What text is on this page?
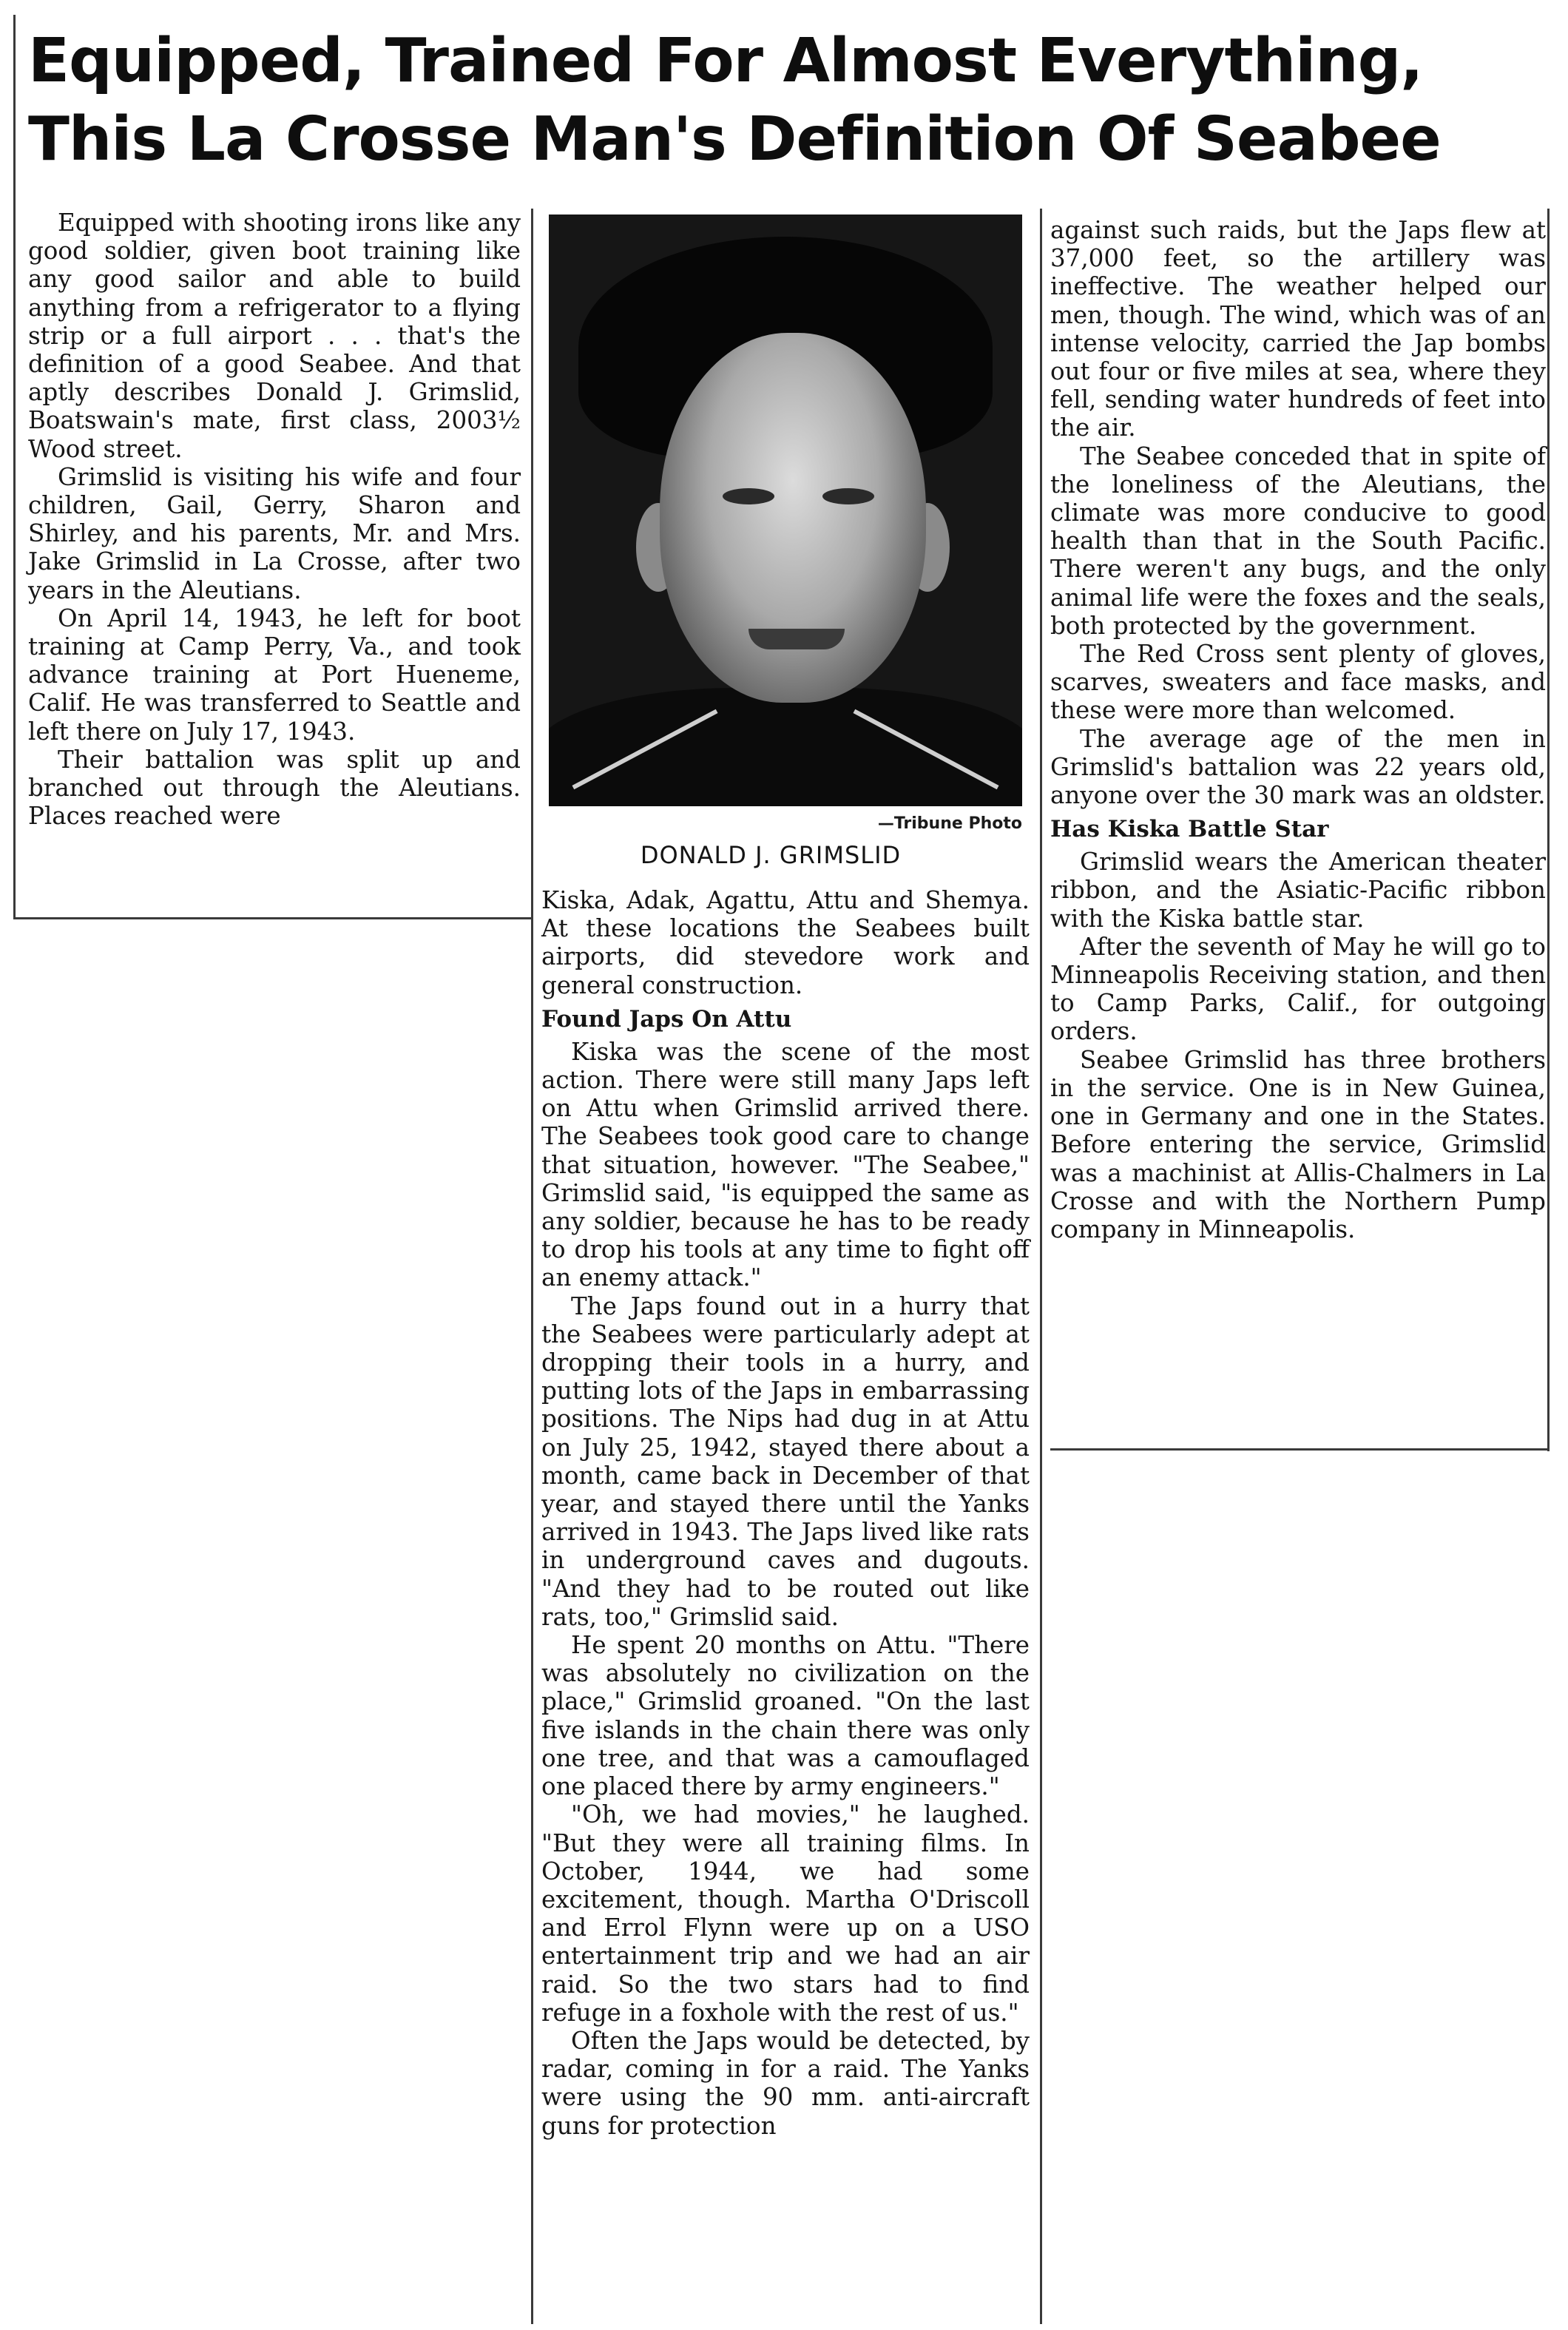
Equipped, Trained For Almost Everything,
This La Crosse Man's Definition Of Seabee

Equipped with shooting irons like any good soldier, given boot training like any good sailor and able to build anything from a refrigerator to a flying strip or a full airport . . . that's the definition of a good Seabee. And that aptly describes Donald J. Grimslid, Boatswain's mate, first class, 2003½ Wood street.

Grimslid is visiting his wife and four children, Gail, Gerry, Sharon and Shirley, and his parents, Mr. and Mrs. Jake Grimslid in La Crosse, after two years in the Aleutians.

On April 14, 1943, he left for boot training at Camp Perry, Va., and took advance training at Port Hueneme, Calif. He was transferred to Seattle and left there on July 17, 1943.

Their battalion was split up and branched out through the Aleutians. Places reached were	—Tribune Photo
DONALD J. GRIMSLID

Kiska, Adak, Agattu, Attu and Shemya. At these locations the Seabees built airports, did stevedore work and general construction.

Found Japs On Attu

Kiska was the scene of the most action. There were still many Japs left on Attu when Grimslid arrived there. The Seabees took good care to change that situation, however. "The Seabee," Grimslid said, "is equipped the same as any soldier, because he has to be ready to drop his tools at any time to fight off an enemy attack."

The Japs found out in a hurry that the Seabees were particularly adept at dropping their tools in a hurry, and putting lots of the Japs in embarrassing positions. The Nips had dug in at Attu on July 25, 1942, stayed there about a month, came back in December of that year, and stayed there until the Yanks arrived in 1943. The Japs lived like rats in underground caves and dugouts. "And they had to be routed out like rats, too," Grimslid said.

He spent 20 months on Attu. "There was absolutely no civilization on the place," Grimslid groaned. "On the last five islands in the chain there was only one tree, and that was a camouflaged one placed there by army engineers."

"Oh, we had movies," he laughed. "But they were all training films. In October, 1944, we had some excitement, though. Martha O'Driscoll and Errol Flynn were up on a USO entertainment trip and we had an air raid. So the two stars had to find refuge in a foxhole with the rest of us."

Often the Japs would be detected, by radar, coming in for a raid. The Yanks were using the 90 mm. anti-aircraft guns for protection

against such raids, but the Japs flew at 37,000 feet, so the artillery was ineffective. The weather helped our men, though. The wind, which was of an intense velocity, carried the Jap bombs out four or five miles at sea, where they fell, sending water hundreds of feet into the air.

The Seabee conceded that in spite of the loneliness of the Aleutians, the climate was more conducive to good health than that in the South Pacific. There weren't any bugs, and the only animal life were the foxes and the seals, both protected by the government.

The Red Cross sent plenty of gloves, scarves, sweaters and face masks, and these were more than welcomed.

The average age of the men in Grimslid's battalion was 22 years old, anyone over the 30 mark was an oldster.

Has Kiska Battle Star

Grimslid wears the American theater ribbon, and the Asiatic-Pacific ribbon with the Kiska battle star.

After the seventh of May he will go to Minneapolis Receiving station, and then to Camp Parks, Calif., for outgoing orders.

Seabee Grimslid has three brothers in the service. One is in New Guinea, one in Germany and one in the States. Before entering the service, Grimslid was a machinist at Allis-Chalmers in La Crosse and with the Northern Pump company in Minneapolis.
